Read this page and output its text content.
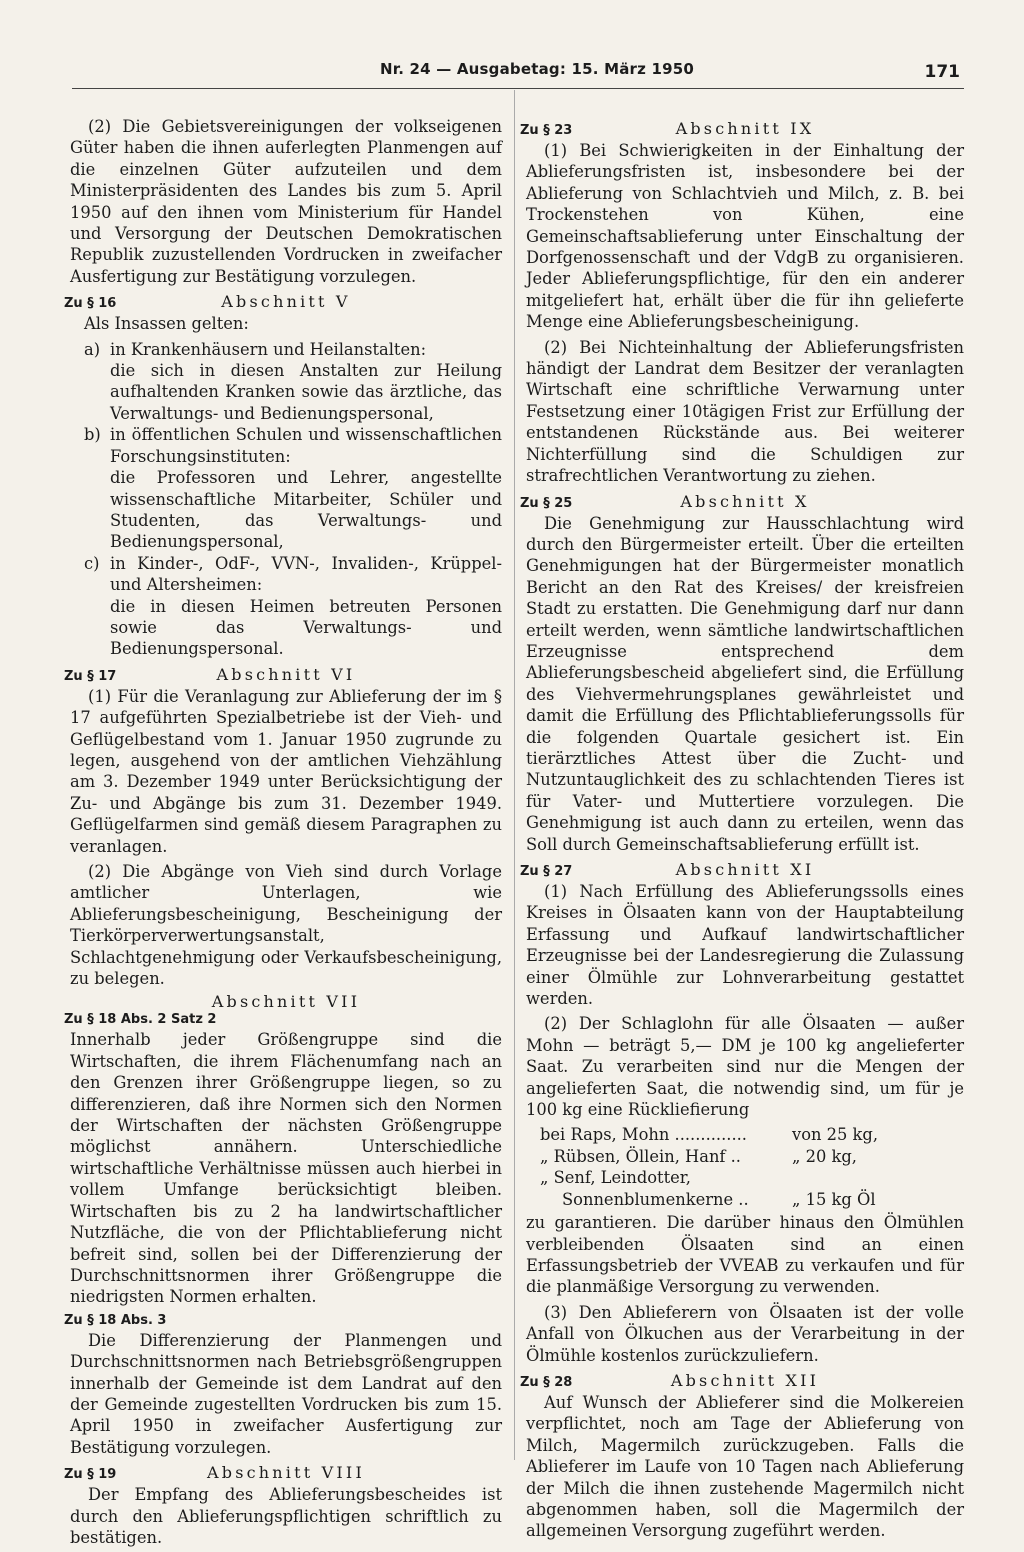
Nr. 24 — Ausgabetag: 15. März 1950	171

(2) Die Gebietsvereinigungen der volkseigenen Güter haben die ihnen auferlegten Planmengen auf die einzelnen Güter aufzuteilen und dem Ministerpräsidenten des Landes bis zum 5. April 1950 auf den ihnen vom Ministerium für Handel und Versorgung der Deutschen Demokratischen Republik zuzustellenden Vordrucken in zweifacher Ausfertigung zur Bestätigung vorzulegen.

Zu § 16	Abschnitt V

Als Insassen gelten:

a) in Krankenhäusern und Heilanstalten:
die sich in diesen Anstalten zur Heilung aufhaltenden Kranken sowie das ärztliche, das Verwaltungs- und Bedienungspersonal,
b) in öffentlichen Schulen und wissenschaftlichen Forschungsinstituten:
die Professoren und Lehrer, angestellte wissenschaftliche Mitarbeiter, Schüler und Studenten, das Verwaltungs- und Bedienungspersonal,
c) in Kinder-, OdF-, VVN-, Invaliden-, Krüppel- und Altersheimen:
die in diesen Heimen betreuten Personen sowie das Verwaltungs- und Bedienungspersonal.
Zu § 17	Abschnitt VI

(1) Für die Veranlagung zur Ablieferung der im § 17 aufgeführten Spezialbetriebe ist der Vieh- und Geflügelbestand vom 1. Januar 1950 zugrunde zu legen, ausgehend von der amtlichen Viehzählung am 3. Dezember 1949 unter Berücksichtigung der Zu- und Abgänge bis zum 31. Dezember 1949. Geflügelfarmen sind gemäß diesem Paragraphen zu veranlagen.

(2) Die Abgänge von Vieh sind durch Vorlage amtlicher Unterlagen, wie Ablieferungsbescheinigung, Bescheinigung der Tierkörperverwertungsanstalt, Schlachtgenehmigung oder Verkaufsbescheinigung, zu belegen.

Abschnitt VII

Zu § 18 Abs. 2 Satz 2

Innerhalb jeder Größengruppe sind die Wirtschaften, die ihrem Flächenumfang nach an den Grenzen ihrer Größengruppe liegen, so zu differenzieren, daß ihre Normen sich den Normen der Wirtschaften der nächsten Größengruppe möglichst annähern. Unterschiedliche wirtschaftliche Verhältnisse müssen auch hierbei in vollem Umfange berücksichtigt bleiben. Wirtschaften bis zu 2 ha landwirtschaftlicher Nutzfläche, die von der Pflichtablieferung nicht befreit sind, sollen bei der Differenzierung der Durchschnittsnormen ihrer Größengruppe die niedrigsten Normen erhalten.

Zu § 18 Abs. 3

Die Differenzierung der Planmengen und Durchschnittsnormen nach Betriebsgrößengruppen innerhalb der Gemeinde ist dem Landrat auf den der Gemeinde zugestellten Vordrucken bis zum 15. April 1950 in zweifacher Ausfertigung zur Bestätigung vorzulegen.

Zu § 19	Abschnitt VIII

Der Empfang des Ablieferungsbescheides ist durch den Ablieferungspflichtigen schriftlich zu bestätigen.

Zu § 23	Abschnitt IX

(1) Bei Schwierigkeiten in der Einhaltung der Ablieferungsfristen ist, insbesondere bei der Ablieferung von Schlachtvieh und Milch, z. B. bei Trockenstehen von Kühen, eine Gemeinschaftsablieferung unter Einschaltung der Dorfgenossenschaft und der VdgB zu organisieren. Jeder Ablieferungspflichtige, für den ein anderer mitgeliefert hat, erhält über die für ihn gelieferte Menge eine Ablieferungsbescheinigung.

(2) Bei Nichteinhaltung der Ablieferungsfristen händigt der Landrat dem Besitzer der veranlagten Wirtschaft eine schriftliche Verwarnung unter Festsetzung einer 10tägigen Frist zur Erfüllung der entstandenen Rückstände aus. Bei weiterer Nichterfüllung sind die Schuldigen zur strafrechtlichen Verantwortung zu ziehen.

Zu § 25	Abschnitt X

Die Genehmigung zur Hausschlachtung wird durch den Bürgermeister erteilt. Über die erteilten Genehmigungen hat der Bürgermeister monatlich Bericht an den Rat des Kreises/ der kreisfreien Stadt zu erstatten. Die Genehmigung darf nur dann erteilt werden, wenn sämtliche landwirtschaftlichen Erzeugnisse entsprechend dem Ablieferungsbescheid abgeliefert sind, die Erfüllung des Viehvermehrungsplanes gewährleistet und damit die Erfüllung des Pflichtablieferungssolls für die folgenden Quartale gesichert ist. Ein tierärztliches Attest über die Zucht- und Nutzuntauglichkeit des zu schlachtenden Tieres ist für Vater- und Muttertiere vorzulegen. Die Genehmigung ist auch dann zu erteilen, wenn das Soll durch Gemeinschaftsablieferung erfüllt ist.

Zu § 27	Abschnitt XI

(1) Nach Erfüllung des Ablieferungssolls eines Kreises in Ölsaaten kann von der Hauptabteilung Erfassung und Aufkauf landwirtschaftlicher Erzeugnisse bei der Landesregierung die Zulassung einer Ölmühle zur Lohnverarbeitung gestattet werden.

(2) Der Schlaglohn für alle Ölsaaten — außer Mohn — beträgt 5,— DM je 100 kg angelieferter Saat. Zu verarbeiten sind nur die Mengen der angelieferten Saat, die notwendig sind, um für je 100 kg eine Rückliefierung

bei Raps, Mohn ..............	von 25 kg,
„ Rübsen, Öllein, Hanf ..	„ 20 kg,
„ Senf, Leindotter,
Sonnenblumenkerne ..	„ 15 kg Öl

zu garantieren. Die darüber hinaus den Ölmühlen verbleibenden Ölsaaten sind an einen Erfassungsbetrieb der VVEAB zu verkaufen und für die planmäßige Versorgung zu verwenden.

(3) Den Ablieferern von Ölsaaten ist der volle Anfall von Ölkuchen aus der Verarbeitung in der Ölmühle kostenlos zurückzuliefern.

Zu § 28	Abschnitt XII

Auf Wunsch der Ablieferer sind die Molkereien verpflichtet, noch am Tage der Ablieferung von Milch, Magermilch zurückzugeben. Falls die Ablieferer im Laufe von 10 Tagen nach Ablieferung der Milch die ihnen zustehende Magermilch nicht abgenommen haben, soll die Magermilch der allgemeinen Versorgung zugeführt werden.
